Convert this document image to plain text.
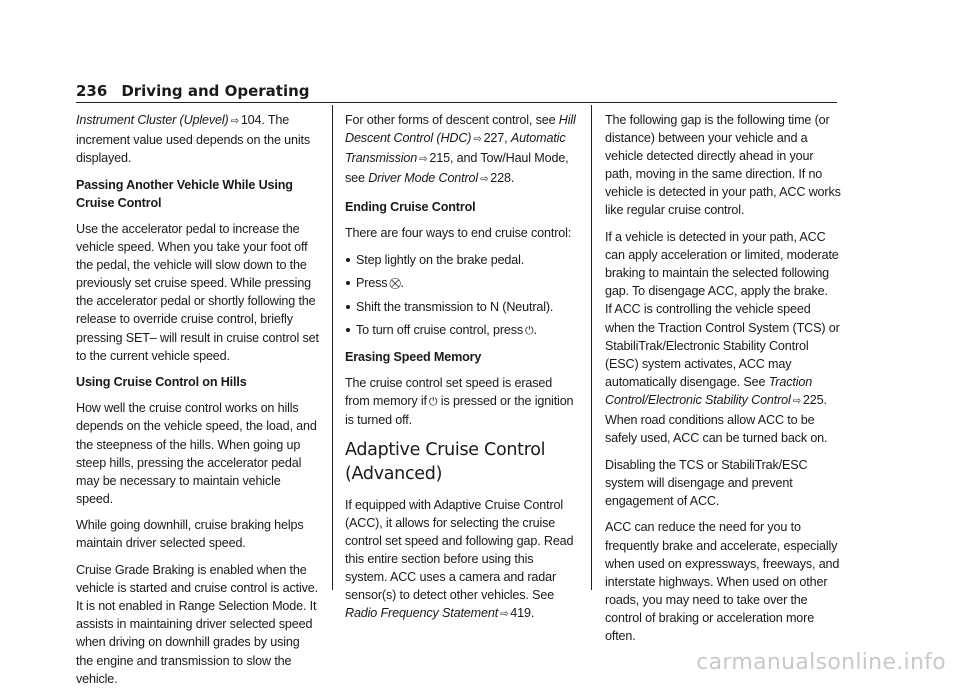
236 Driving and Operating

Instrument Cluster (Uplevel) ⇨ 104. The increment value used depends on the units displayed.

Passing Another Vehicle While Using Cruise Control

Use the accelerator pedal to increase the vehicle speed. When you take your foot off the pedal, the vehicle will slow down to the previously set cruise speed. While pressing the accelerator pedal or shortly following the release to override cruise control, briefly pressing SET– will result in cruise control set to the current vehicle speed.

Using Cruise Control on Hills

How well the cruise control works on hills depends on the vehicle speed, the load, and the steepness of the hills. When going up steep hills, pressing the accelerator pedal may be necessary to maintain vehicle speed.

While going downhill, cruise braking helps maintain driver selected speed.

Cruise Grade Braking is enabled when the vehicle is started and cruise control is active. It is not enabled in Range Selection Mode. It assists in maintaining driver selected speed when driving on downhill grades by using the engine and transmission to slow the vehicle.

For other forms of descent control, see Hill Descent Control (HDC) ⇨ 227, Automatic Transmission ⇨ 215, and Tow/Haul Mode, see Driver Mode Control ⇨ 228.

Ending Cruise Control

There are four ways to end cruise control:

Step lightly on the brake pedal.
Press ⛒.
Shift the transmission to N (Neutral).
To turn off cruise control, press ⏻.

Erasing Speed Memory

The cruise control set speed is erased from memory if ⏻ is pressed or the ignition is turned off.

Adaptive Cruise Control (Advanced)

If equipped with Adaptive Cruise Control (ACC), it allows for selecting the cruise control set speed and following gap. Read this entire section before using this system. ACC uses a camera and radar sensor(s) to detect other vehicles. See Radio Frequency Statement ⇨ 419.

The following gap is the following time (or distance) between your vehicle and a vehicle detected directly ahead in your path, moving in the same direction. If no vehicle is detected in your path, ACC works like regular cruise control.

If a vehicle is detected in your path, ACC can apply acceleration or limited, moderate braking to maintain the selected following gap. To disengage ACC, apply the brake.

If ACC is controlling the vehicle speed when the Traction Control System (TCS) or StabiliTrak/Electronic Stability Control (ESC) system activates, ACC may automatically disengage. See Traction Control/Electronic Stability Control ⇨ 225. When road conditions allow ACC to be safely used, ACC can be turned back on.

Disabling the TCS or StabiliTrak/ESC system will disengage and prevent engagement of ACC.

ACC can reduce the need for you to frequently brake and accelerate, especially when used on expressways, freeways, and interstate highways. When used on other roads, you may need to take over the control of braking or acceleration more often.

carmanualsonline.info
